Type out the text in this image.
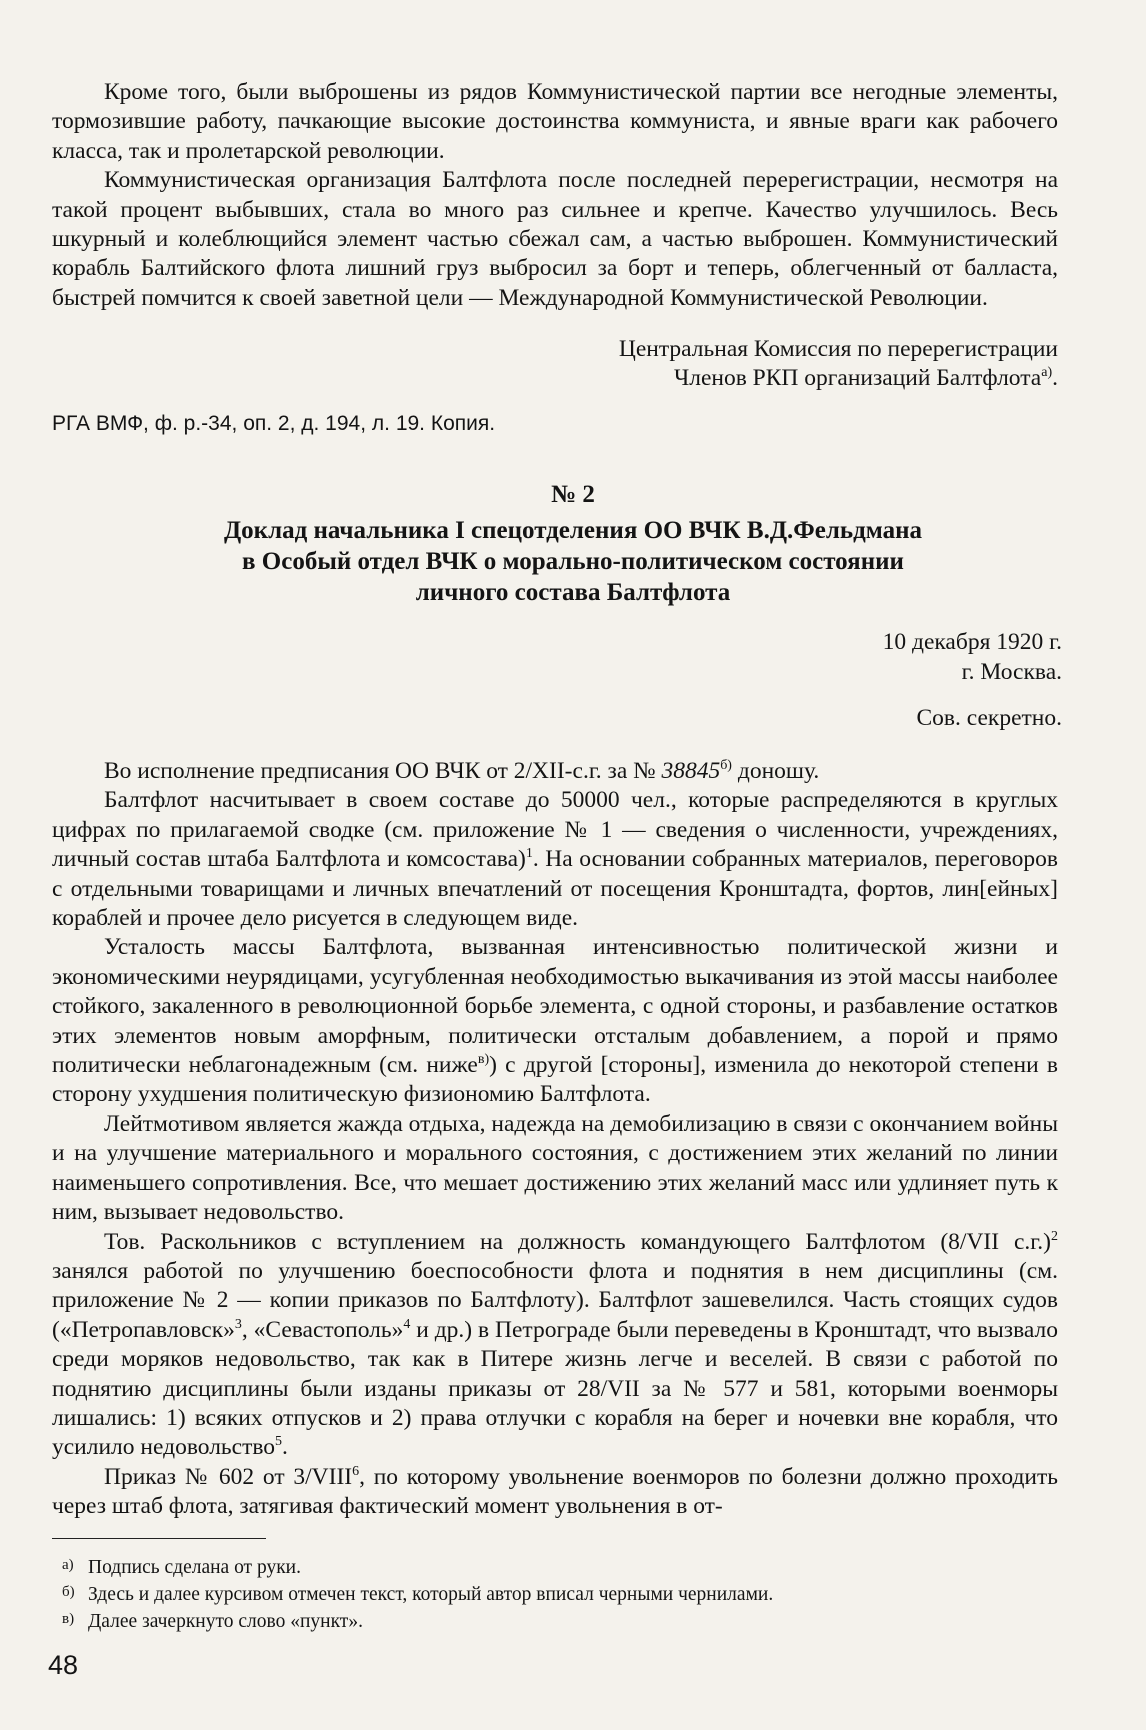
Кроме того, были выброшены из рядов Коммунистической партии все негодные элементы, тормозившие работу, пачкающие высокие достоинства коммуниста, и явные враги как рабочего класса, так и пролетарской революции.

Коммунистическая организация Балтфлота после последней перерегистрации, несмотря на такой процент выбывших, стала во много раз сильнее и крепче. Качество улучшилось. Весь шкурный и колеблющийся элемент частью сбежал сам, а частью выброшен. Коммунистический корабль Балтийского флота лишний груз выбросил за борт и теперь, облегченный от балласта, быстрей помчится к своей заветной цели — Международной Коммунистической Революции.

Центральная Комиссия по перерегистрации
Членов РКП организаций Балтфлота$^{а)}$.
РГА ВМФ, ф. р.-34, оп. 2, д. 194, л. 19. Копия.
№ 2
Доклад начальника I спецотделения ОО ВЧК В.Д.Фельдмана
в Особый отдел ВЧК о морально-политическом состоянии
личного состава Балтфлота
10 декабря 1920 г.
г. Москва.
Сов. секретно.

Во исполнение предписания ОО ВЧК от 2/XII-с.г. за № $38845^{б)}$ доношу.

Балтфлот насчитывает в своем составе до 50000 чел., которые распределяются в круглых цифрах по прилагаемой сводке (см. приложение № 1 — сведения о численности, учреждениях, личный состав штаба Балтфлота и комсостава)$^1$. На основании собранных материалов, переговоров с отдельными товарищами и личных впечатлений от посещения Кронштадта, фортов, лин[ейных] кораблей и прочее дело рисуется в следующем виде.

Усталость массы Балтфлота, вызванная интенсивностью политической жизни и экономическими неурядицами, усугубленная необходимостью выкачивания из этой массы наиболее стойкого, закаленного в революционной борьбе элемента, с одной стороны, и разбавление остатков этих элементов новым аморфным, политически отсталым добавлением, а порой и прямо политически неблагонадежным (см. ниже$^{в)}$) с другой [стороны], изменила до некоторой степени в сторону ухудшения политическую физиономию Балтфлота.

Лейтмотивом является жажда отдыха, надежда на демобилизацию в связи с окончанием войны и на улучшение материального и морального состояния, с достижением этих желаний по линии наименьшего сопротивления. Все, что мешает достижению этих желаний масс или удлиняет путь к ним, вызывает недовольство.

Тов. Раскольников с вступлением на должность командующего Балтфлотом (8/VII с.г.)$^2$ занялся работой по улучшению боеспособности флота и поднятия в нем дисциплины (см. приложение № 2 — копии приказов по Балтфлоту). Балтфлот зашевелился. Часть стоящих судов («Петропавловск»$^3$, «Севастополь»$^4$ и др.) в Петрограде были переведены в Кронштадт, что вызвало среди моряков недовольство, так как в Питере жизнь легче и веселей. В связи с работой по поднятию дисциплины были изданы приказы от 28/VII за № 577 и 581, которыми военморы лишались: 1) всяких отпусков и 2) права отлучки с корабля на берег и ночевки вне корабля, что усилило недовольство$^5$.

Приказ № 602 от 3/VIII$^6$, по которому увольнение военморов по болезни должно проходить через штаб флота, затягивая фактический момент увольнения в от-

а) Подпись сделана от руки.
б) Здесь и далее курсивом отмечен текст, который автор вписал черными чернилами.
в) Далее зачеркнуто слово «пункт».
48
